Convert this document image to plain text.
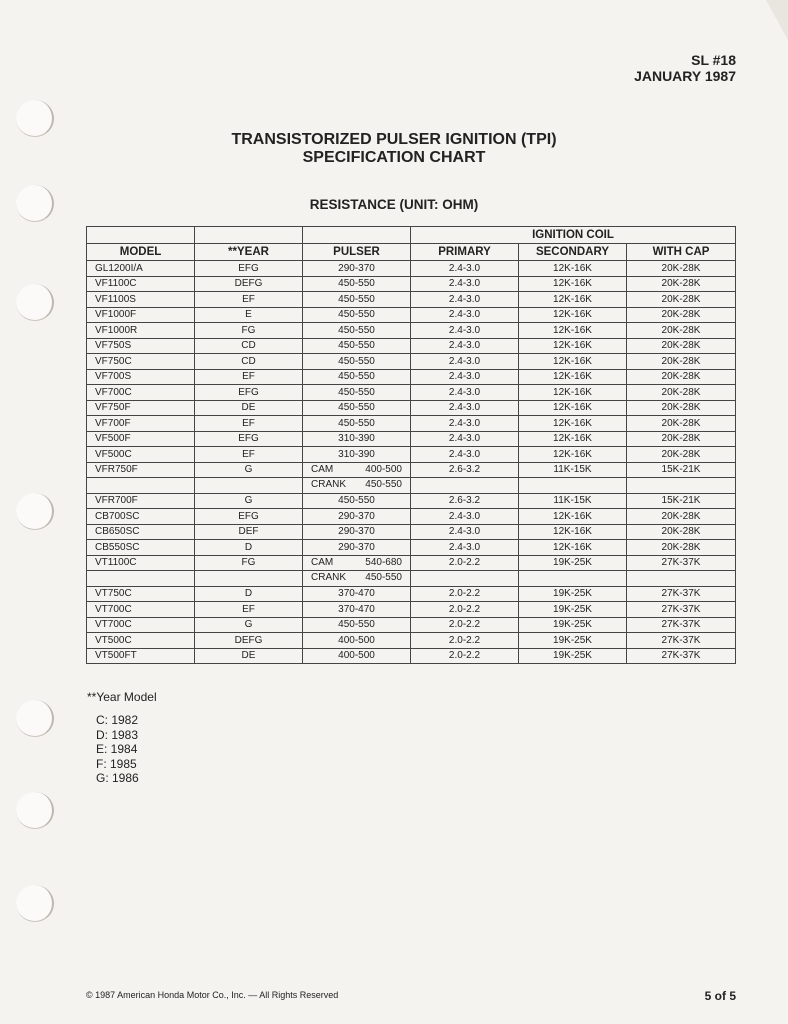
SL #18
JANUARY 1987
TRANSISTORIZED PULSER IGNITION (TPI)
SPECIFICATION CHART
RESISTANCE (UNIT: OHM)
			IGNITION COIL		
MODEL	**YEAR	PULSER	PRIMARY	SECONDARY	WITH CAP
GL1200I/A	EFG	290-370	2.4-3.0	12K-16K	20K-28K
VF1100C	DEFG	450-550	2.4-3.0	12K-16K	20K-28K
VF1100S	EF	450-550	2.4-3.0	12K-16K	20K-28K
VF1000F	E	450-550	2.4-3.0	12K-16K	20K-28K
VF1000R	FG	450-550	2.4-3.0	12K-16K	20K-28K
VF750S	CD	450-550	2.4-3.0	12K-16K	20K-28K
VF750C	CD	450-550	2.4-3.0	12K-16K	20K-28K
VF700S	EF	450-550	2.4-3.0	12K-16K	20K-28K
VF700C	EFG	450-550	2.4-3.0	12K-16K	20K-28K
VF750F	DE	450-550	2.4-3.0	12K-16K	20K-28K
VF700F	EF	450-550	2.4-3.0	12K-16K	20K-28K
VF500F	EFG	310-390	2.4-3.0	12K-16K	20K-28K
VF500C	EF	310-390	2.4-3.0	12K-16K	20K-28K
VFR750F	G	CAM 400-500	2.6-3.2	11K-15K	15K-21K

		CRANK 450-550			

VFR700F	G	450-550	2.6-3.2	11K-15K	15K-21K
CB700SC	EFG	290-370	2.4-3.0	12K-16K	20K-28K
CB650SC	DEF	290-370	2.4-3.0	12K-16K	20K-28K
CB550SC	D	290-370	2.4-3.0	12K-16K	20K-28K
VT1100C	FG	CAM 540-680	2.0-2.2	19K-25K	27K-37K

		CRANK 450-550			

VT750C	D	370-470	2.0-2.2	19K-25K	27K-37K
VT700C	EF	370-470	2.0-2.2	19K-25K	27K-37K
VT700C	G	450-550	2.0-2.2	19K-25K	27K-37K
VT500C	DEFG	400-500	2.0-2.2	19K-25K	27K-37K
VT500FT	DE	400-500	2.0-2.2	19K-25K	27K-37K
**Year Model
C: 1982
D: 1983
E: 1984
F: 1985
G: 1986
© 1987 American Honda Motor Co., Inc. — All Rights Reserved	5 of 5
